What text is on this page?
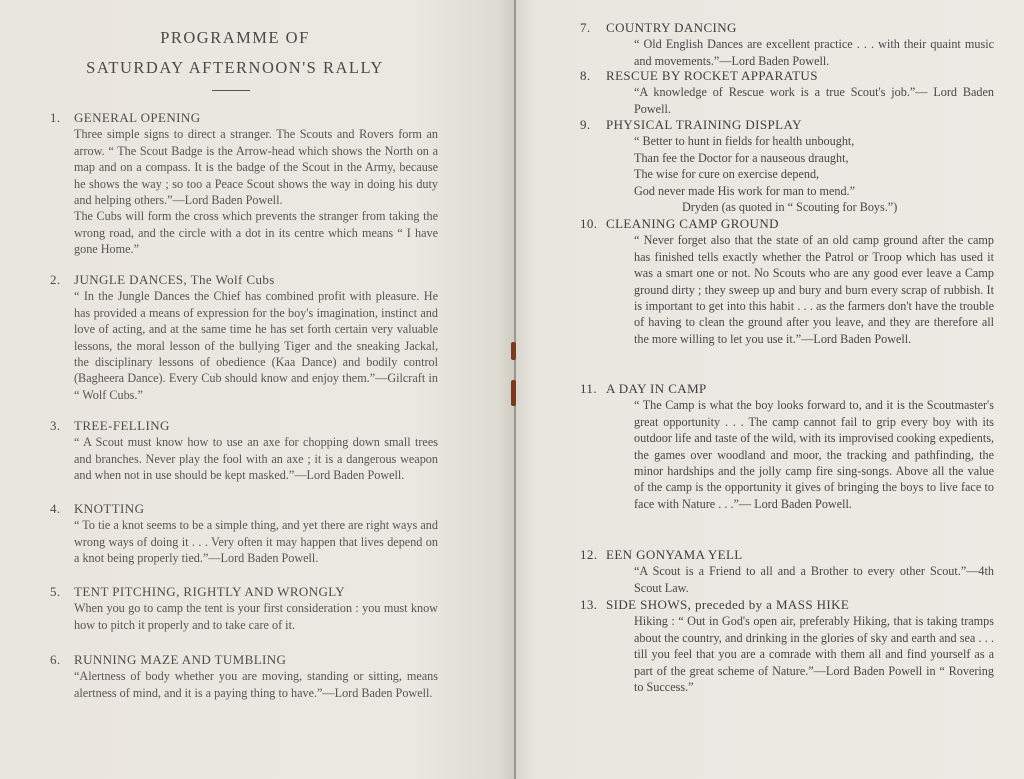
PROGRAMME OF
SATURDAY AFTERNOON'S RALLY
1.	GENERAL OPENING

Three simple signs to direct a stranger. The Scouts and Rovers form an arrow. “ The Scout Badge is the Arrow-head which shows the North on a map and on a compass. It is the badge of the Scout in the Army, because he shows the way ; so too a Peace Scout shows the way in doing his duty and helping others.”—Lord Baden Powell.

The Cubs will form the cross which prevents the stranger from taking the wrong road, and the circle with a dot in its centre which means “ I have gone Home.”

2.	JUNGLE DANCES, The Wolf Cubs

“ In the Jungle Dances the Chief has combined profit with pleasure. He has provided a means of expression for the boy's imagination, instinct and love of acting, and at the same time he has set forth certain very valuable lessons, the moral lesson of the bullying Tiger and the sneaking Jackal, the disciplinary lessons of obedience (Kaa Dance) and bodily control (Bagheera Dance). Every Cub should know and enjoy them.”—Gilcraft in “ Wolf Cubs.”

3.	TREE-FELLING

“ A Scout must know how to use an axe for chopping down small trees and branches. Never play the fool with an axe ; it is a dangerous weapon and when not in use should be kept masked.”—Lord Baden Powell.

4.	KNOTTING

“ To tie a knot seems to be a simple thing, and yet there are right ways and wrong ways of doing it . . . Very often it may happen that lives depend on a knot being properly tied.”—Lord Baden Powell.

5.	TENT PITCHING, RIGHTLY AND WRONGLY

When you go to camp the tent is your first consideration : you must know how to pitch it properly and to take care of it.

6.	RUNNING MAZE AND TUMBLING

“Alertness of body whether you are moving, standing or sitting, means alertness of mind, and it is a paying thing to have.”—Lord Baden Powell.

7.	COUNTRY DANCING

“ Old English Dances are excellent practice . . . with their quaint music and movements.”—Lord Baden Powell.

8.	RESCUE BY ROCKET APPARATUS

“A knowledge of Rescue work is a true Scout's job.”— Lord Baden Powell.

9.	PHYSICAL TRAINING DISPLAY
“ Better to hunt in fields for health unbought,
Than fee the Doctor for a nauseous draught,
The wise for cure on exercise depend,
God never made His work for man to mend.”
Dryden (as quoted in “ Scouting for Boys.”)
10. CLEANING CAMP GROUND

“ Never forget also that the state of an old camp ground after the camp has finished tells exactly whether the Patrol or Troop which has used it was a smart one or not. No Scouts who are any good ever leave a Camp ground dirty ; they sweep up and bury and burn every scrap of rubbish. It is important to get into this habit . . . as the farmers don't have the trouble of having to clean the ground after you leave, and they are therefore all the more willing to let you use it.”—Lord Baden Powell.

11. A DAY IN CAMP

“ The Camp is what the boy looks forward to, and it is the Scoutmaster's great opportunity . . . The camp cannot fail to grip every boy with its outdoor life and taste of the wild, with its improvised cooking expedients, the games over woodland and moor, the tracking and pathfinding, the minor hardships and the jolly camp fire sing-songs. Above all the value of the camp is the opportunity it gives of bringing the boys to live face to face with Nature . . .”— Lord Baden Powell.

12. EEN GONYAMA YELL

“A Scout is a Friend to all and a Brother to every other Scout.”—4th Scout Law.

13. SIDE SHOWS, preceded by a MASS HIKE

Hiking : “ Out in God's open air, preferably Hiking, that is taking tramps about the country, and drinking in the glories of sky and earth and sea . . . till you feel that you are a comrade with them all and find yourself as a part of the great scheme of Nature.”—Lord Baden Powell in “ Rovering to Success.”
